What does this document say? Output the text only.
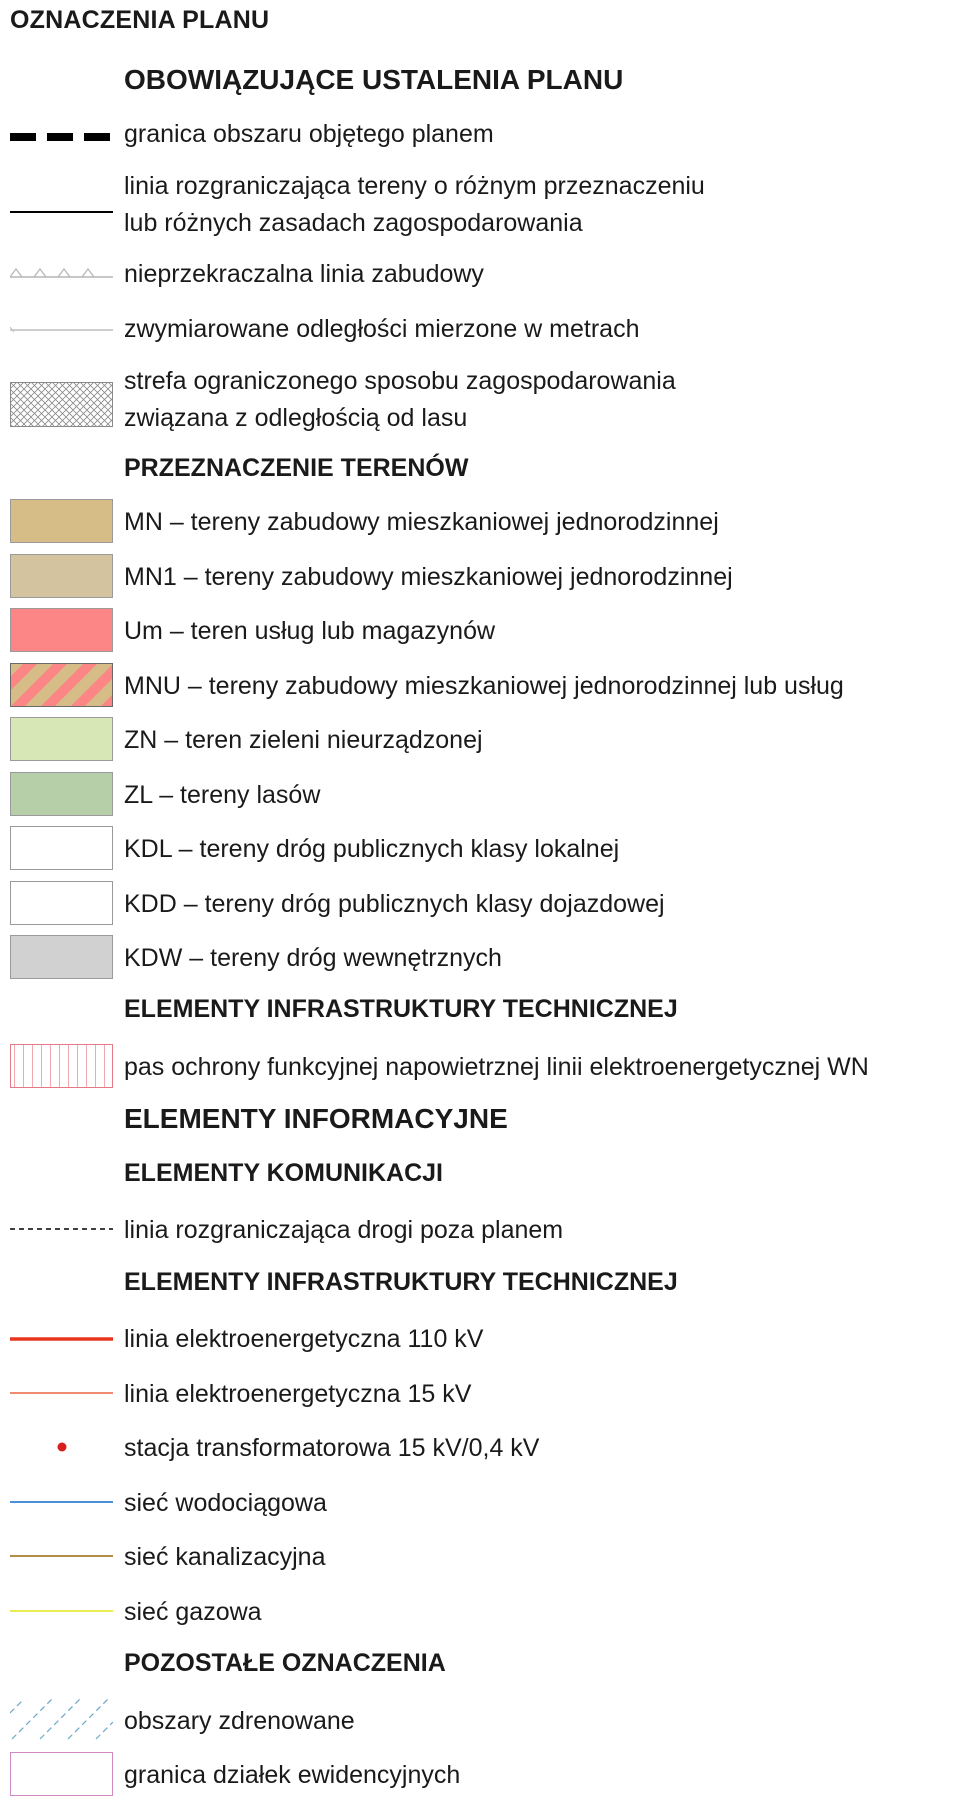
OZNACZENIA PLANU
OBOWIĄZUJĄCE USTALENIA PLANU
granica obszaru objętego planem
linia rozgraniczająca tereny o różnym przeznaczeniu
lub różnych zasadach zagospodarowania
nieprzekraczalna linia zabudowy
zwymiarowane odległości mierzone w metrach
strefa ograniczonego sposobu zagospodarowania
związana z odległością od lasu
PRZEZNACZENIE TERENÓW
MN – tereny zabudowy mieszkaniowej jednorodzinnej
MN1 – tereny zabudowy mieszkaniowej jednorodzinnej
Um – teren usług lub magazynów
MNU – tereny zabudowy mieszkaniowej jednorodzinnej lub usług
ZN – teren zieleni nieurządzonej
ZL – tereny lasów
KDL – tereny dróg publicznych klasy lokalnej
KDD – tereny dróg publicznych klasy dojazdowej
KDW – tereny dróg wewnętrznych
ELEMENTY INFRASTRUKTURY TECHNICZNEJ
pas ochrony funkcyjnej napowietrznej linii elektroenergetycznej WN
ELEMENTY INFORMACYJNE
ELEMENTY KOMUNIKACJI
linia rozgraniczająca drogi poza planem
ELEMENTY INFRASTRUKTURY TECHNICZNEJ
linia elektroenergetyczna 110 kV
linia elektroenergetyczna 15 kV
stacja transformatorowa 15 kV/0,4 kV
sieć wodociągowa
sieć kanalizacyjna
sieć gazowa
POZOSTAŁE OZNACZENIA
obszary zdrenowane
granica działek ewidencyjnych
